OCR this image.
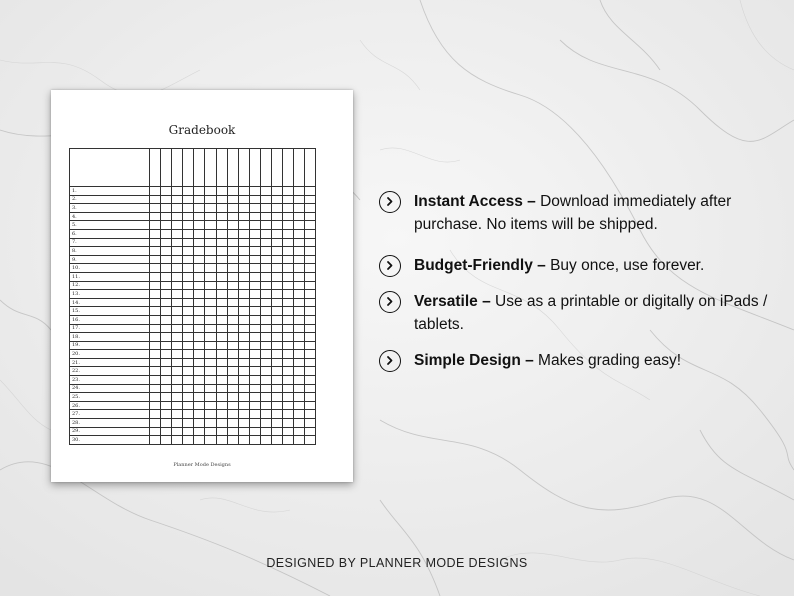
Gradebook

1.															
2.															
3.															
4.															
5.															
6.															
7.															
8.															
9.															
10.															
11.															
12.															
13.															
14.															
15.															
16.															
17.															
18.															
19.															
20.															
21.															
22.															
23.															
24.															
25.															
26.															
27.															
28.															
29.															
30.															
Planner Mode Designs
Instant Access – Download immediately after purchase. No items will be shipped.
Budget-Friendly – Buy once, use forever.
Versatile – Use as a printable or digitally on iPads / tablets.
Simple Design – Makes grading easy!
DESIGNED BY PLANNER MODE DESIGNS
